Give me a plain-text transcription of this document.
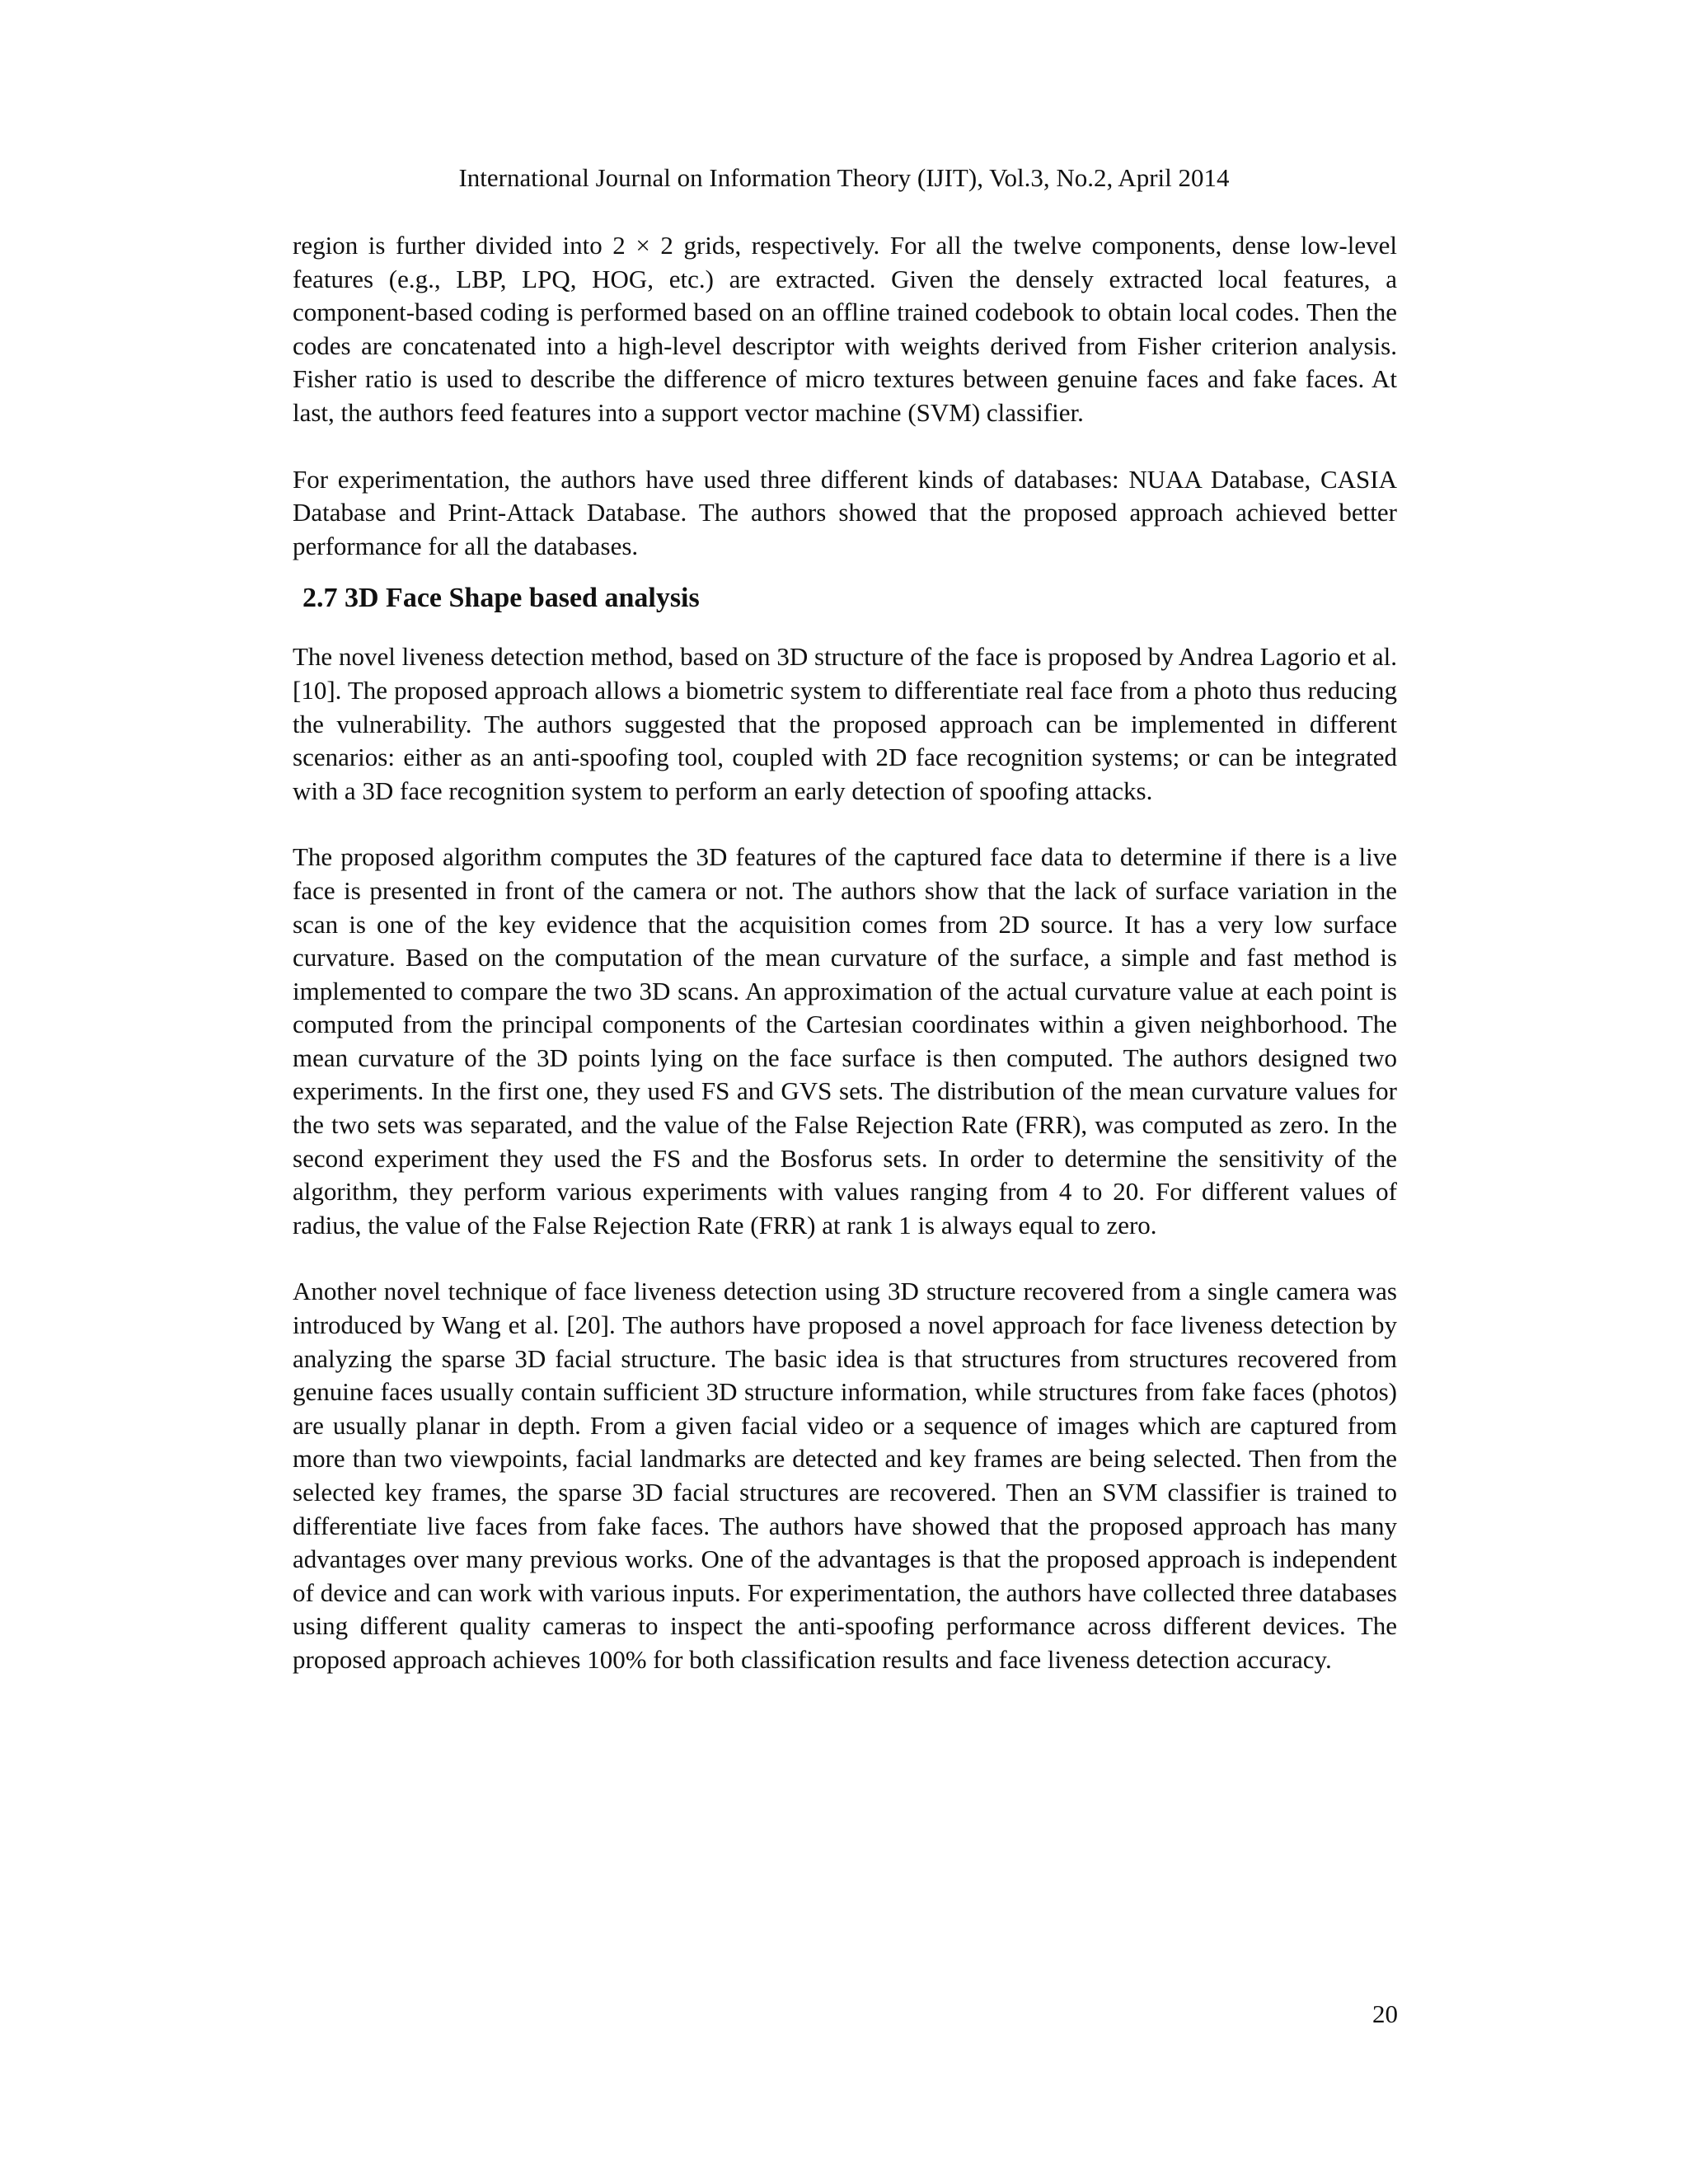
International Journal on Information Theory (IJIT), Vol.3, No.2, April 2014

region is further divided into 2 × 2 grids, respectively. For all the twelve components, dense low-level features (e.g., LBP, LPQ, HOG, etc.) are extracted. Given the densely extracted local features, a component-based coding is performed based on an offline trained codebook to obtain local codes. Then the codes are concatenated into a high-level descriptor with weights derived from Fisher criterion analysis. Fisher ratio is used to describe the difference of micro textures between genuine faces and fake faces. At last, the authors feed features into a support vector machine (SVM) classifier.

For experimentation, the authors have used three different kinds of databases: NUAA Database, CASIA Database and Print-Attack Database. The authors showed that the proposed approach achieved better performance for all the databases.

2.7 3D Face Shape based analysis

The novel liveness detection method, based on 3D structure of the face is proposed by Andrea Lagorio et al. [10]. The proposed approach allows a biometric system to differentiate real face from a photo thus reducing the vulnerability. The authors suggested that the proposed approach can be implemented in different scenarios: either as an anti-spoofing tool, coupled with 2D face recognition systems; or can be integrated with a 3D face recognition system to perform an early detection of spoofing attacks.

The proposed algorithm computes the 3D features of the captured face data to determine if there is a live face is presented in front of the camera or not. The authors show that the lack of surface variation in the scan is one of the key evidence that the acquisition comes from 2D source. It has a very low surface curvature. Based on the computation of the mean curvature of the surface, a simple and fast method is implemented to compare the two 3D scans. An approximation of the actual curvature value at each point is computed from the principal components of the Cartesian coordinates within a given neighborhood. The mean curvature of the 3D points lying on the face surface is then computed. The authors designed two experiments. In the first one, they used FS and GVS sets. The distribution of the mean curvature values for the two sets was separated, and the value of the False Rejection Rate (FRR), was computed as zero. In the second experiment they used the FS and the Bosforus sets. In order to determine the sensitivity of the algorithm, they perform various experiments with values ranging from 4 to 20. For different values of radius, the value of the False Rejection Rate (FRR) at rank 1 is always equal to zero.

Another novel technique of face liveness detection using 3D structure recovered from a single camera was introduced by Wang et al. [20]. The authors have proposed a novel approach for face liveness detection by analyzing the sparse 3D facial structure. The basic idea is that structures from structures recovered from genuine faces usually contain sufficient 3D structure information, while structures from fake faces (photos) are usually planar in depth. From a given facial video or a sequence of images which are captured from more than two viewpoints, facial landmarks are detected and key frames are being selected. Then from the selected key frames, the sparse 3D facial structures are recovered. Then an SVM classifier is trained to differentiate live faces from fake faces. The authors have showed that the proposed approach has many advantages over many previous works. One of the advantages is that the proposed approach is independent of device and can work with various inputs. For experimentation, the authors have collected three databases using different quality cameras to inspect the anti-spoofing performance across different devices. The proposed approach achieves 100% for both classification results and face liveness detection accuracy.

20
